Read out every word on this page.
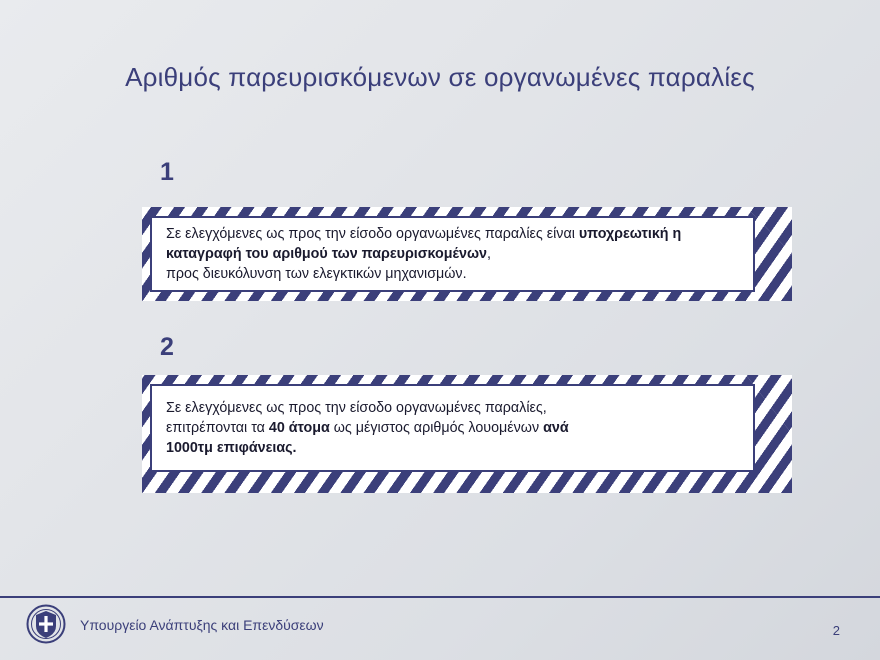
Αριθμός παρευρισκόμενων σε οργανωμένες παραλίες
1
Σε ελεγχόμενες ως προς την είσοδο οργανωμένες παραλίες είναι υποχρεωτική η καταγραφή του αριθμού των παρευρισκομένων,
προς διευκόλυνση των ελεγκτικών μηχανισμών.
2
Σε ελεγχόμενες ως προς την είσοδο οργανωμένες παραλίες,
επιτρέπονται τα 40 άτομα ως μέγιστος αριθμός λουομένων ανά
1000τμ επιφάνειας.
Υπουργείο Ανάπτυξης και Επενδύσεων	2
